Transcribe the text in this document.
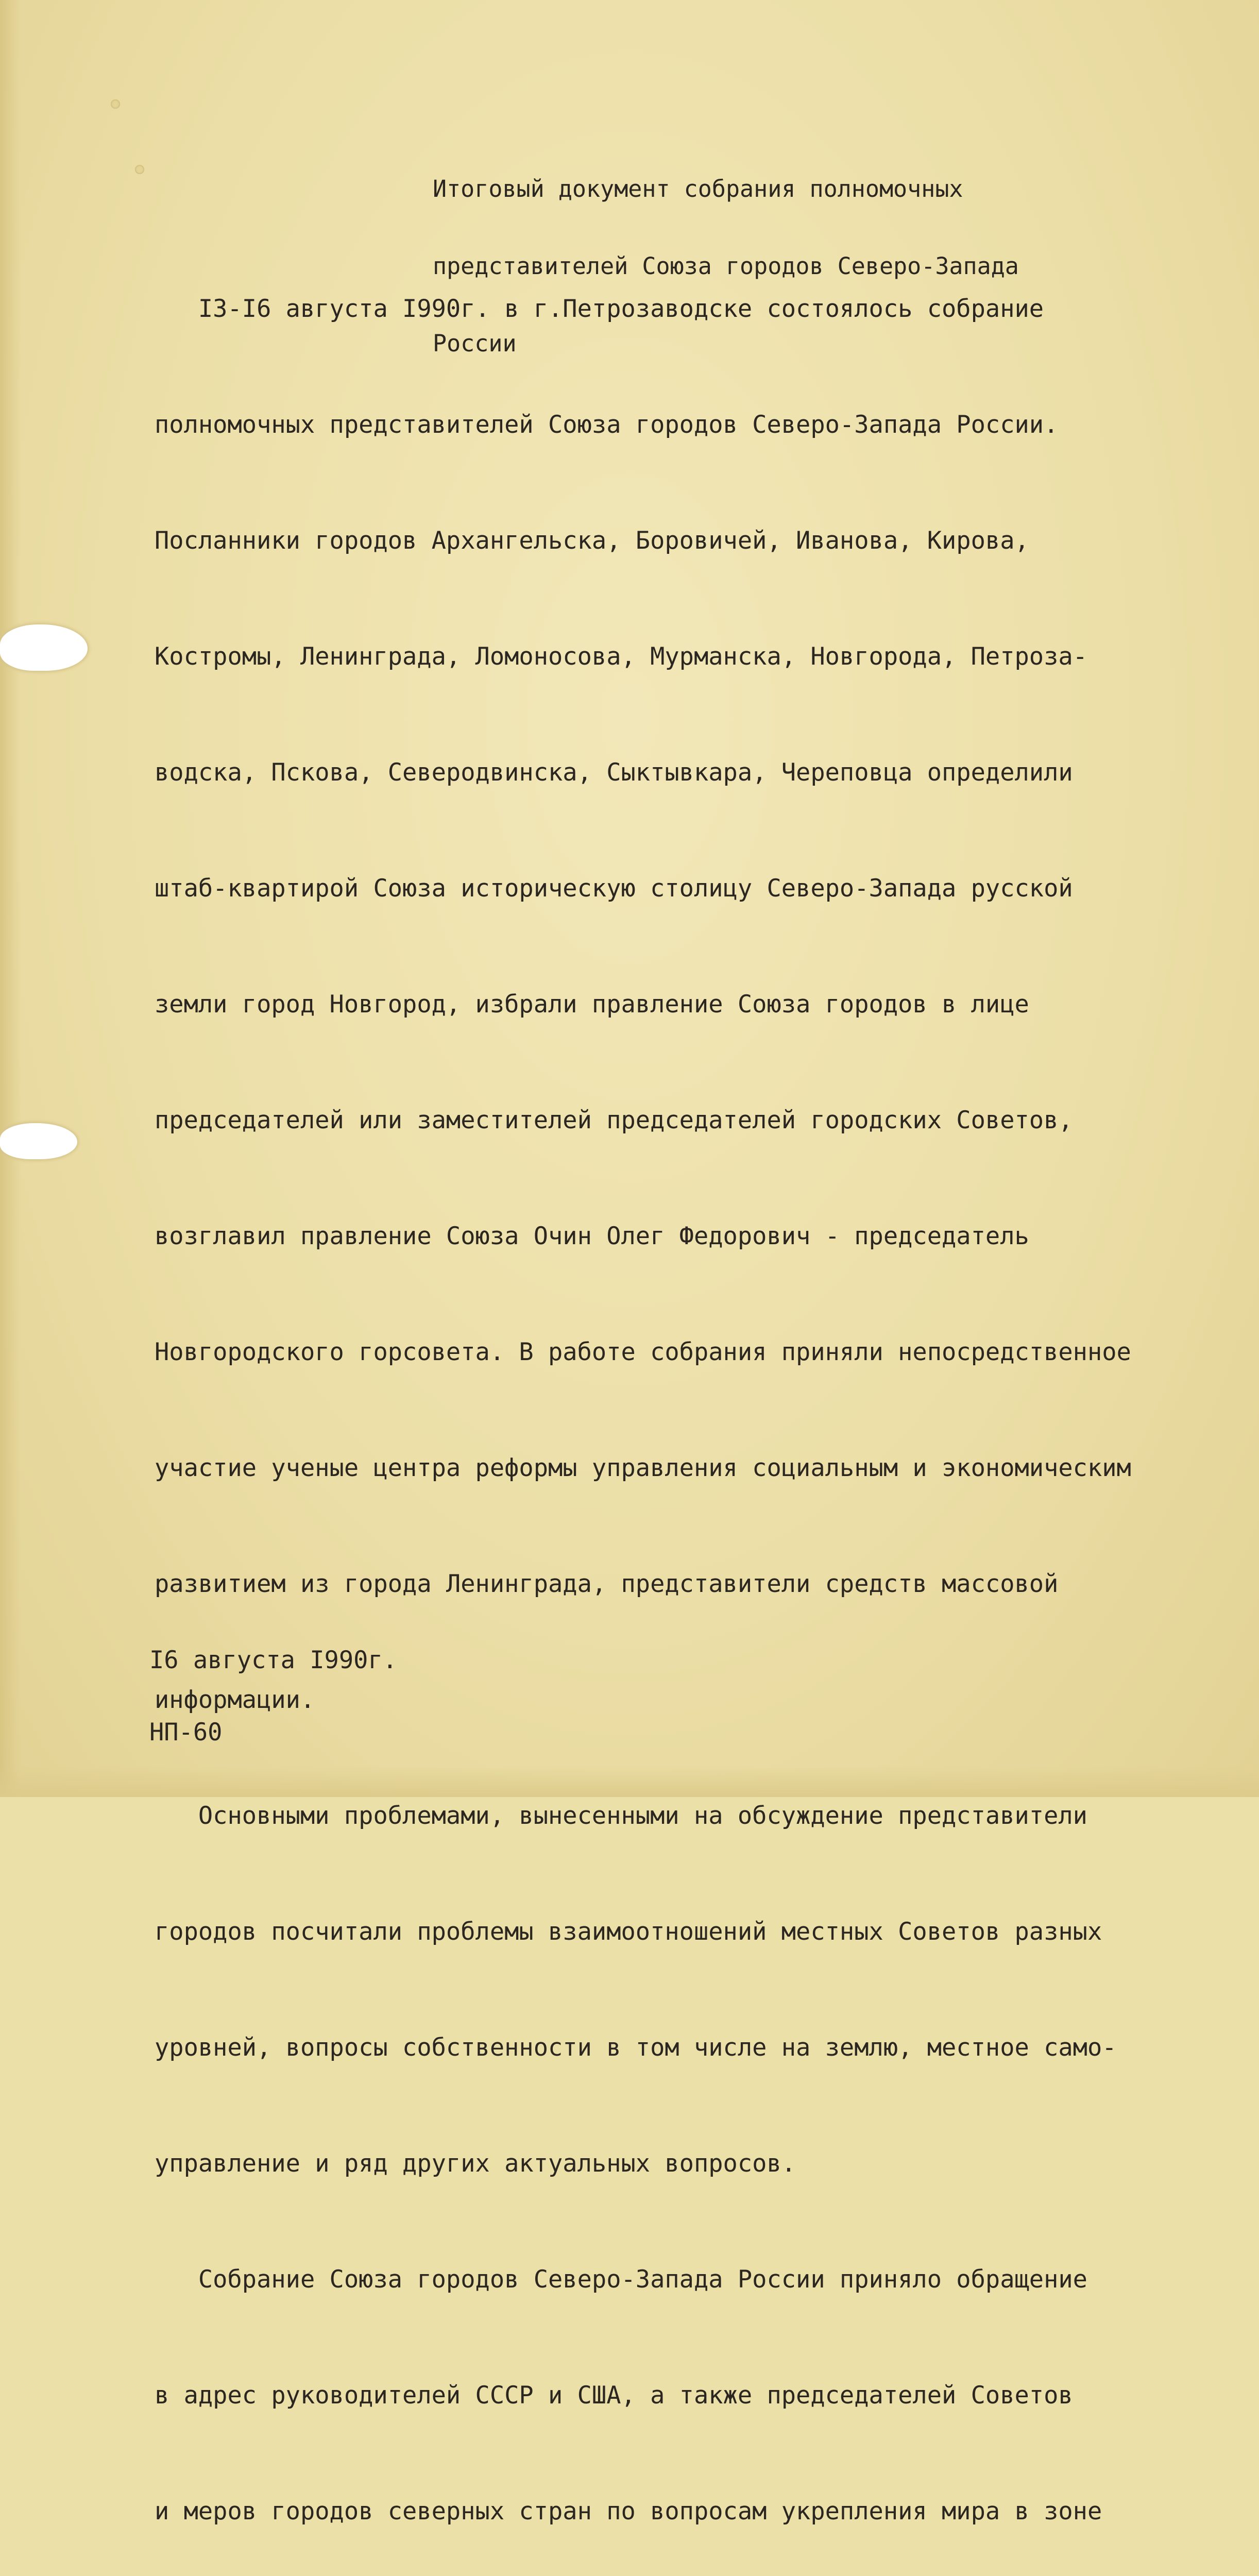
Итоговый документ собрания полномочных

представителей Союза городов Северо-Запада

России

I3-I6 августа I990г. в г.Петрозаводске состоялось собрание

полномочных представителей Союза городов Северо-Запада России.

Посланники городов Архангельска, Боровичей, Иванова, Кирова,

Костромы, Ленинграда, Ломоносова, Мурманска, Новгорода, Петроза-

водска, Пскова, Северодвинска, Сыктывкара, Череповца определили

штаб-квартирой Союза историческую столицу Северо-Запада русской

земли город Новгород, избрали правление Союза городов в лице

председателей или заместителей председателей городских Советов,

возглавил правление Союза Очин Олег Федорович - председатель

Новгородского горсовета. В работе собрания приняли непосредственное

участие ученые центра реформы управления социальным и экономическим

развитием из города Ленинграда, представители средств массовой

информации.

Основными проблемами, вынесенными на обсуждение представители

городов посчитали проблемы взаимоотношений местных Советов разных

уровней, вопросы собственности в том числе на землю, местное само-

управление и ряд других актуальных вопросов.

Собрание Союза городов Северо-Запада России приняло обращение

в адрес руководителей СССР и США, а также председателей Советов

и меров городов северных стран по вопросам укрепления мира в зоне

I6 августа I990г.
НП-60
